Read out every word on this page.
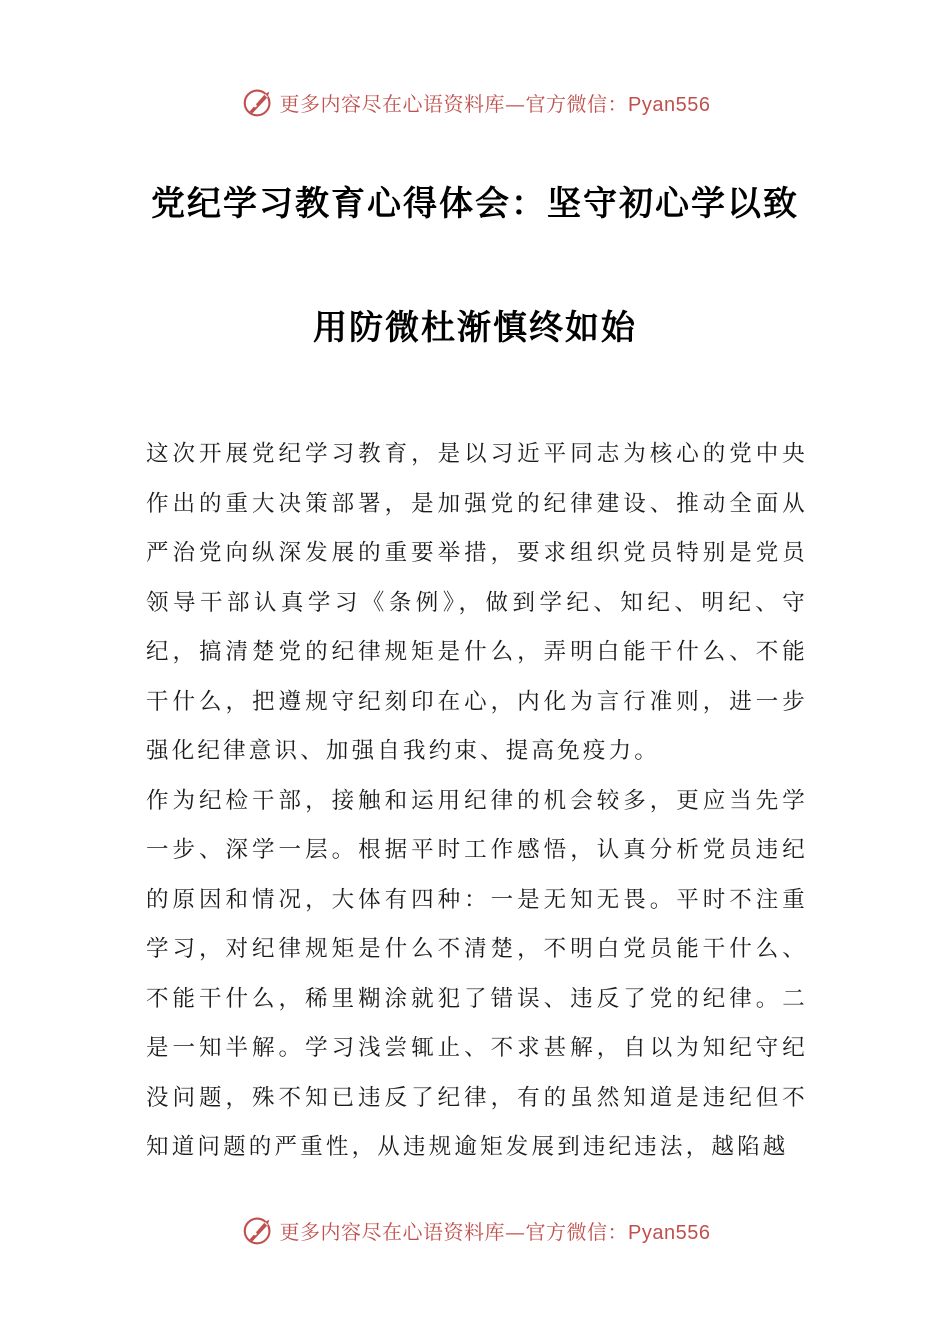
更多内容尽在心语资料库—官方微信：Pyan556
党纪学习教育心得体会：坚守初心学以致
用防微杜渐慎终如始

这次开展党纪学习教育，是以习近平同志为核心的党中央作出的重大决策部署，是加强党的纪律建设、推动全面从严治党向纵深发展的重要举措，要求组织党员特别是党员领导干部认真学习《条例》，做到学纪、知纪、明纪、守纪，搞清楚党的纪律规矩是什么，弄明白能干什么、不能干什么，把遵规守纪刻印在心，内化为言行准则，进一步强化纪律意识、加强自我约束、提高免疫力。

作为纪检干部，接触和运用纪律的机会较多，更应当先学一步、深学一层。根据平时工作感悟，认真分析党员违纪的原因和情况，大体有四种：一是无知无畏。平时不注重学习，对纪律规矩是什么不清楚，不明白党员能干什么、不能干什么，稀里糊涂就犯了错误、违反了党的纪律。二是一知半解。学习浅尝辄止、不求甚解，自以为知纪守纪没问题，殊不知已违反了纪律，有的虽然知道是违纪但不知道问题的严重性，从违规逾矩发展到违纪违法，越陷越

更多内容尽在心语资料库—官方微信：Pyan556
